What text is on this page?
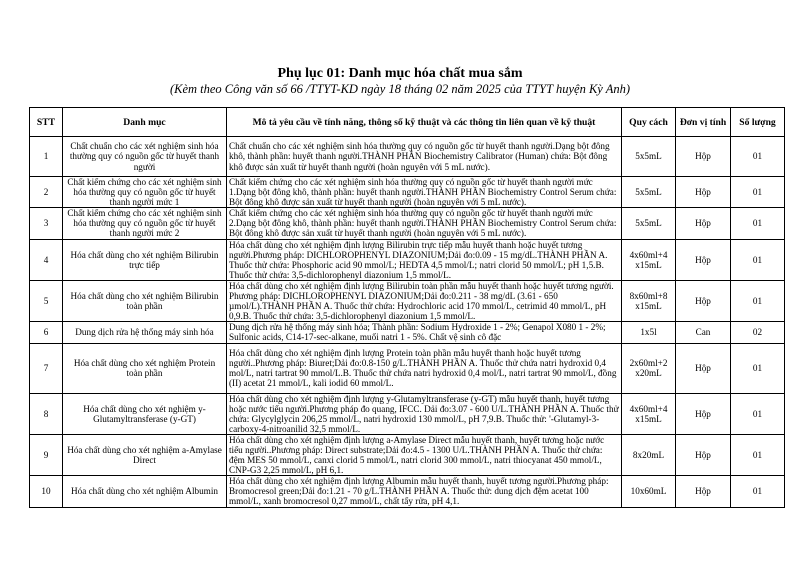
Phụ lục 01: Danh mục hóa chất mua sắm
(Kèm theo Công văn số 66 /TTYT-KD ngày 18 tháng 02 năm 2025 của TTYT huyện Kỳ Anh)
STT	Danh mục	Mô tả yêu cầu về tính năng, thông số kỹ thuật và các thông tin liên quan về kỹ thuật	Quy cách	Đơn vị tính	Số lượng
1	Chất chuẩn cho các xét nghiệm sinh hóa thường quy có nguồn gốc từ huyết thanh người	Chất chuẩn cho các xét nghiệm sinh hóa thường quy có nguồn gốc từ huyết thanh người.Dạng bột đông khô, thành phần: huyết thanh người.THÀNH PHẦN Biochemistry Calibrator (Human) chứa: Bột đông khô được sản xuất từ huyết thanh người (hoàn nguyên với 5 mL nước).	5x5mL	Hộp	01
2	Chất kiểm chứng cho các xét nghiệm sinh hóa thường quy có nguồn gốc từ huyết thanh người mức 1	Chất kiểm chứng cho các xét nghiệm sinh hóa thường quy có nguồn gốc từ huyết thanh người mức 1.Dạng bột đông khô, thành phần: huyết thanh người.THÀNH PHẦN Biochemistry Control Serum chứa: Bột đông khô được sản xuất từ huyết thanh người (hoàn nguyên với 5 mL nước).	5x5mL	Hộp	01
3	Chất kiểm chứng cho các xét nghiệm sinh hóa thường quy có nguồn gốc từ huyết thanh người mức 2	Chất kiểm chứng cho các xét nghiệm sinh hóa thường quy có nguồn gốc từ huyết thanh người mức 2.Dạng bột đông khô, thành phần: huyết thanh người.THÀNH PHẦN Biochemistry Control Serum chứa: Bột đông khô được sản xuất từ huyết thanh người (hoàn nguyên với 5 mL nước).	5x5mL	Hộp	01
4	Hóa chất dùng cho xét nghiệm Bilirubin trực tiếp	Hóa chất dùng cho xét nghiệm định lượng Bilirubin trực tiếp mẫu huyết thanh hoặc huyết tương người.Phương pháp: DICHLOROPHENYL DIAZONIUM;Dải đo:0.09 - 15 mg/dL.THÀNH PHẦN A. Thuốc thử chứa: Phosphoric acid 90 mmol/L; HEDTA 4,5 mmol/L; natri clorid 50 mmol/L; pH 1,5.B. Thuốc thử chứa: 3,5-dichlorophenyl diazonium 1,5 mmol/L.	4x60ml+4 x15mL	Hộp	01
5	Hóa chất dùng cho xét nghiệm Bilirubin toàn phần	Hóa chất dùng cho xét nghiệm định lượng Bilirubin toàn phần mẫu huyết thanh hoặc huyết tương người. Phương pháp: DICHLOROPHENYL DIAZONIUM;Dải đo:0.211 - 38 mg/dL (3.61 - 650 µmol/L).THÀNH PHẦN A. Thuốc thử chứa: Hydrochloric acid 170 mmol/L, cetrimid 40 mmol/L, pH 0,9.B. Thuốc thử chứa: 3,5-dichlorophenyl diazonium 1,5 mmol/L.	8x60ml+8 x15mL	Hộp	01
6	Dung dịch rửa hệ thống máy sinh hóa	Dung dịch rửa hệ thống máy sinh hóa; Thành phần: Sodium Hydroxide 1 - 2%; Genapol X080 1 - 2%; Sulfonic acids, C14-17-sec-alkane, muối natri 1 - 5%. Chất vệ sinh cô đặc	1x5l	Can	02
7	Hóa chất dùng cho xét nghiệm Protein toàn phần	Hóa chất dùng cho xét nghiệm định lượng Protein toàn phần mẫu huyết thanh hoặc huyết tương người..Phương pháp: Biuret;Dải đo:0.8-150 g/L.THÀNH PHẦN A. Thuốc thử chứa natri hydroxid 0,4 mol/L, natri tartrat 90 mmol/L.B. Thuốc thử chứa natri hydroxid 0,4 mol/L, natri tartrat 90 mmol/L, đồng (II) acetat 21 mmol/L, kali iodid 60 mmol/L.	2x60ml+2 x20mL	Hộp	01
8	Hóa chất dùng cho xét nghiệm y-Glutamyltransferase (y-GT)	Hóa chất dùng cho xét nghiệm định lượng y-Glutamyltransferase (y-GT) mẫu huyết thanh, huyết tương hoặc nước tiểu người.Phương pháp đo quang, IFCC. Dải đo:3.07 - 600 U/L.THÀNH PHẦN A. Thuốc thử chứa: Glycylglycin 206,25 mmol/L, natri hydroxid 130 mmol/L, pH 7,9.B. Thuốc thử: '-Glutamyl-3-carboxy-4-nitroanilid 32,5 mmol/L.	4x60ml+4 x15mL	Hộp	01
9	Hóa chất dùng cho xét nghiệm a-Amylase Direct	Hóa chất dùng cho xét nghiệm định lượng a-Amylase Direct mẫu huyết thanh, huyết tương hoặc nước tiểu người..Phương pháp: Direct substrate;Dải đo:4.5 - 1300 U/L.THÀNH PHẦN A. Thuốc thử chứa: đệm MES 50 mmol/L, canxi clorid 5 mmol/L, natri clorid 300 mmol/L, natri thiocyanat 450 mmol/L, CNP-G3 2,25 mmol/L, pH 6,1.	8x20mL	Hộp	01
10	Hóa chất dùng cho xét nghiệm Albumin	Hóa chất dùng cho xét nghiệm định lượng Albumin mẫu huyết thanh, huyết tương người.Phương pháp: Bromocresol green;Dải đo:1.21 - 70 g/L.THÀNH PHẦN A. Thuốc thử: dung dịch đệm acetat 100 mmol/L, xanh bromocresol 0,27 mmol/L, chất tẩy rửa, pH 4,1.	10x60mL	Hộp	01
